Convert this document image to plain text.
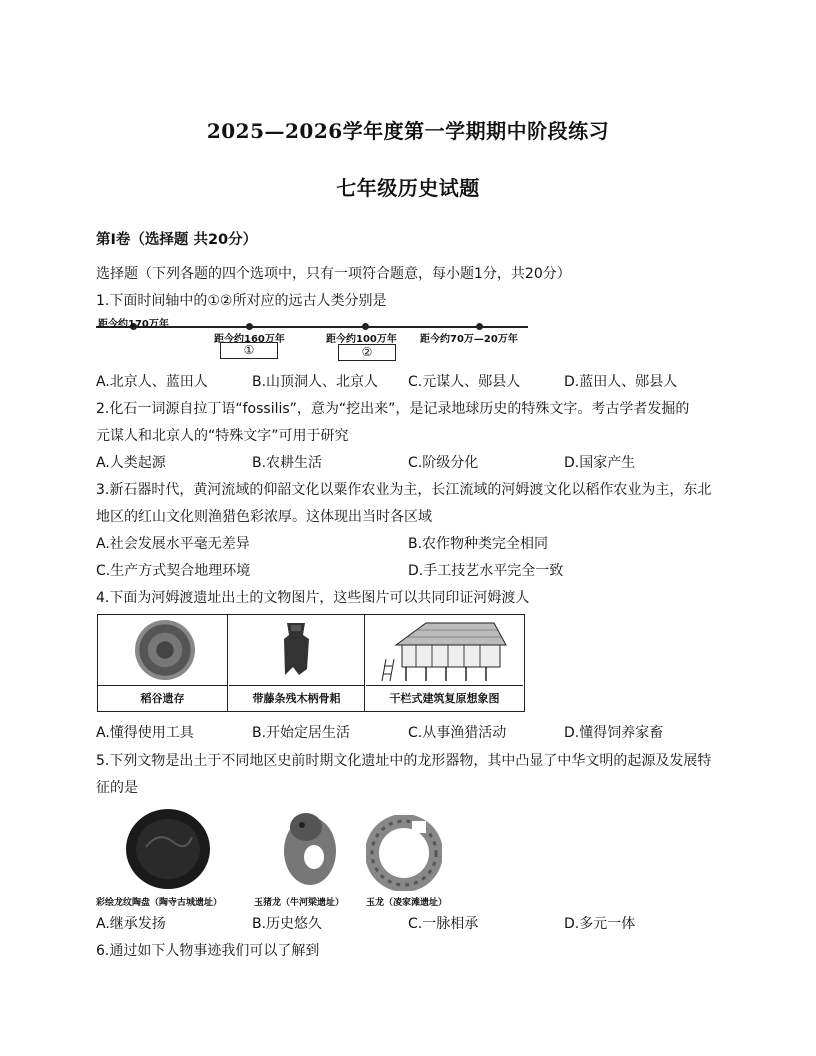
2025—2026学年度第一学期期中阶段练习
七年级历史试题
第Ⅰ卷（选择题 共20分）
选择题（下列各题的四个选项中，只有一项符合题意，每小题1分，共20分）
1.下面时间轴中的①②所对应的远古人类分别是
距今约170万年
距今约160万年	距今约100万年 距今约70万—20万年
①	②
A.北京人、蓝田人	B.山顶洞人、北京人 C.元谋人、郧县人	D.蓝田人、郧县人
2.化石一词源自拉丁语“fossilis”，意为“挖出来”，是记录地球历史的特殊文字。考古学者发掘的
元谋人和北京人的“特殊文字”可用于研究
A.人类起源	B.农耕生活	C.阶级分化	D.国家产生
3.新石器时代，黄河流域的仰韶文化以粟作农业为主，长江流域的河姆渡文化以稻作农业为主，东北
地区的红山文化则渔猎色彩浓厚。这体现出当时各区域
A.社会发展水平毫无差异	B.农作物种类完全相同
C.生产方式契合地理环境	D.手工技艺水平完全一致
4.下面为河姆渡遗址出土的文物图片，这些图片可以共同印证河姆渡人
稻谷遗存	带藤条残木柄骨耜	干栏式建筑复原想象图
A.懂得使用工具	B.开始定居生活	C.从事渔猎活动	D.懂得饲养家畜
5.下列文物是出土于不同地区史前时期文化遗址中的龙形器物，其中凸显了中华文明的起源及发展特
征的是
彩绘龙纹陶盘（陶寺古城遗址）	玉猪龙（牛河梁遗址） 玉龙（凌家滩遗址）
A.继承发扬	B.历史悠久	C.一脉相承	D.多元一体
6.通过如下人物事迹我们可以了解到
